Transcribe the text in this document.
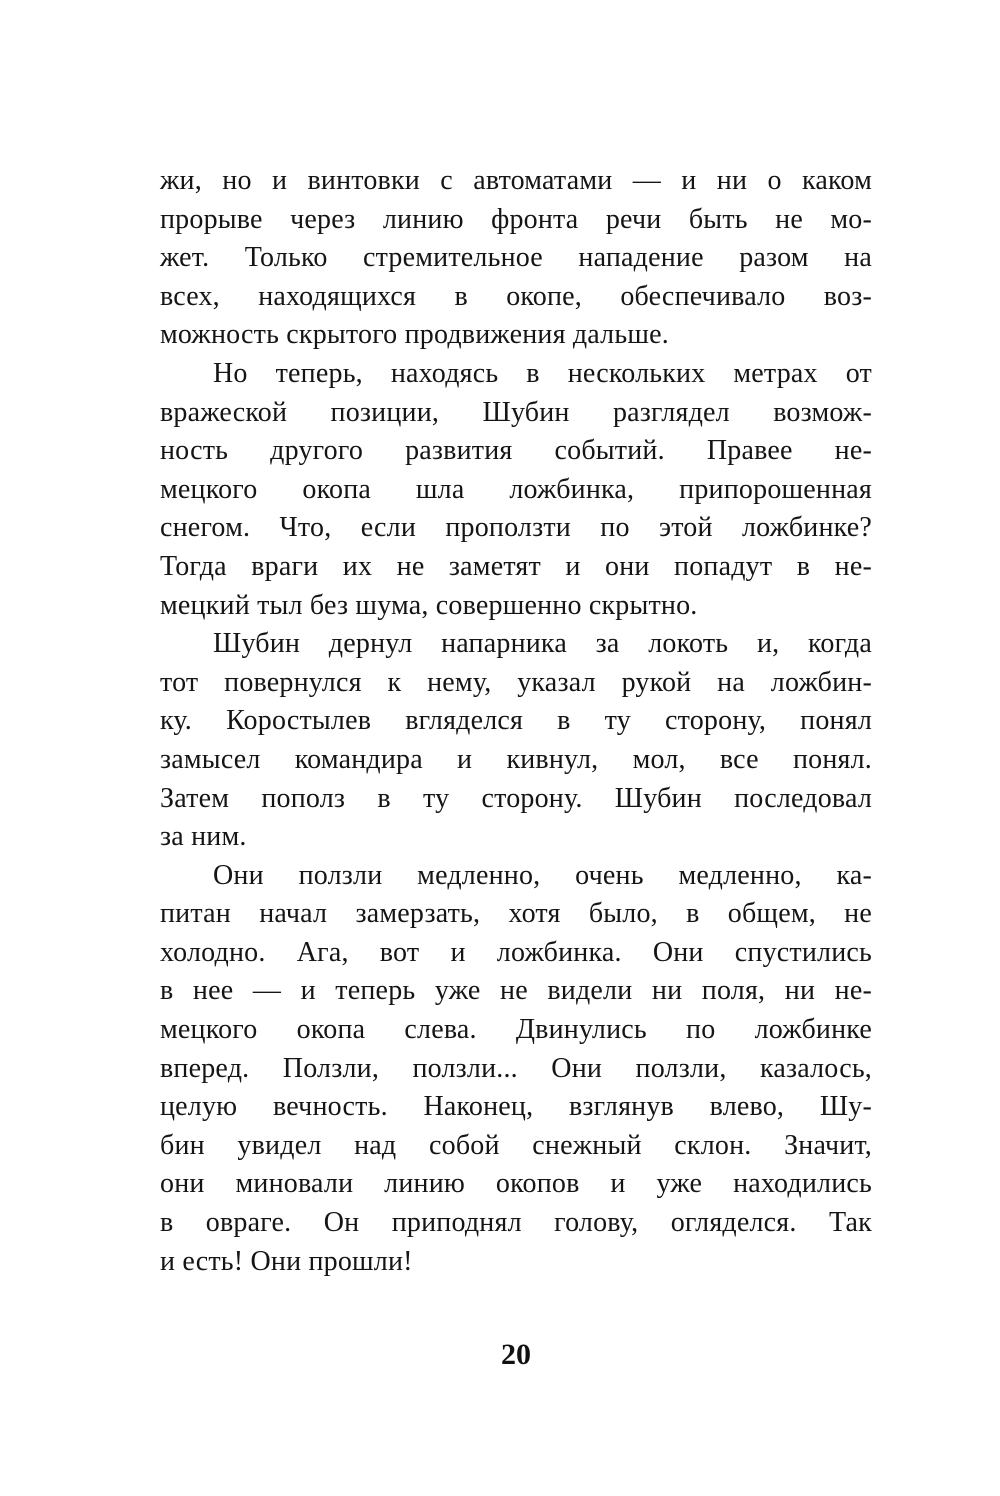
жи, но и винтовки с автоматами — и ни о каком
прорыве через линию фронта речи быть не мо-
жет. Только стремительное нападение разом на
всех, находящихся в окопе, обеспечивало воз-
можность скрытого продвижения дальше.
Но теперь, находясь в нескольких метрах от
вражеской позиции, Шубин разглядел возмож-
ность другого развития событий. Правее не-
мецкого окопа шла ложбинка, припорошенная
снегом. Что, если проползти по этой ложбинке?
Тогда враги их не заметят и они попадут в не-
мецкий тыл без шума, совершенно скрытно.
Шубин дернул напарника за локоть и, когда
тот повернулся к нему, указал рукой на ложбин-
ку. Коростылев вгляделся в ту сторону, понял
замысел командира и кивнул, мол, все понял.
Затем пополз в ту сторону. Шубин последовал
за ним.
Они ползли медленно, очень медленно, ка-
питан начал замерзать, хотя было, в общем, не
холодно. Ага, вот и ложбинка. Они спустились
в нее — и теперь уже не видели ни поля, ни не-
мецкого окопа слева. Двинулись по ложбинке
вперед. Ползли, ползли... Они ползли, казалось,
целую вечность. Наконец, взглянув влево, Шу-
бин увидел над собой снежный склон. Значит,
они миновали линию окопов и уже находились
в овраге. Он приподнял голову, огляделся. Так
и есть! Они прошли!
20
